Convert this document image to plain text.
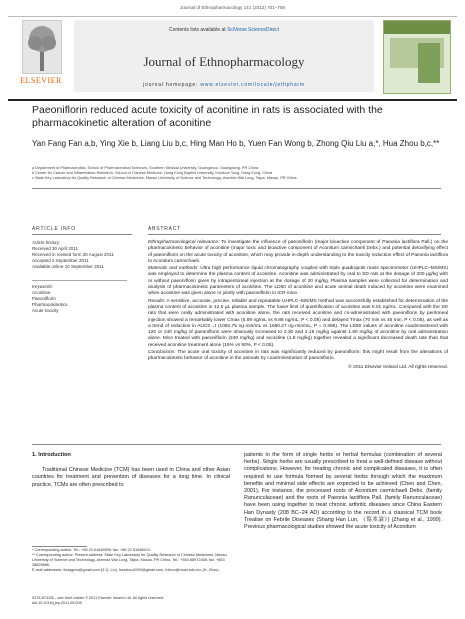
Journal of Ethnopharmacology 141 (2012) 701–708
ELSEVIER
Contents lists available at SciVerse ScienceDirect
Journal of Ethnopharmacology
journal homepage: www.elsevier.com/locate/jethpharm
Paeoniflorin reduced acute toxicity of aconitine in rats is associated with the pharmacokinetic alteration of aconitine
Yan Fang Fan a,b, Ying Xie b, Liang Liu b,c, Hing Man Ho b, Yuen Fan Wong b, Zhong Qiu Liu a,*, Hua Zhou b,c,**
a Department of Pharmaceutics, School of Pharmaceutical Sciences, Southern Medical University, Guangzhou, Guangdong, PR China
b Center for Cancer and Inflammation Research, School of Chinese Medicine, Hong Kong Baptist University, Kowloon Tong, Hong Kong, China
c State Key Laboratory for Quality Research of Chinese Medicines, Macau University of Science and Technology, Avenida Wai Long, Taipa, Macau, PR China
ARTICLE INFO	ABSTRACT
Article history:
Received 30 April 2011
Received in revised form 30 August 2011
Accepted 2 September 2011
Available online 10 September 2011
Keywords:
Aconitine
Paeoniflorin
Pharmacokinetics
Acute toxicity

Ethnopharmacological relevance: To investigate the influence of paeoniflorin (major bioactive component of Paeonia lactiflora Pall.) on the pharmacokinetic behavior of aconitine (major toxic and bioactive component of Aconitum carmichaeli Debx.) and potential detoxifying effect of paeoniflorin on the acute toxicity of aconitine, which may provide in-depth understanding to the toxicity reduction effect of Paeonia lactiflora to Aconitum carmichaeli.

Materials and methods: Ultra high performance liquid chromatography coupled with triple quadrupole mass spectrometer (UHPLC–MS/MS) was employed to determine the plasma content of aconitine. Aconitine was administrated by oral to SD rats at the dosage of 200 μg/kg with or without paeoniflorin given by intraperitoneal injection at the dosage of 20 mg/kg. Plasma samples were collected for determination and analysis of pharmacokinetic parameters of aconitine. The LD50 of aconitine and acute animal death induced by aconitine were examined when aconitine was given alone or jointly with paeoniflorin in ICR mice.

Results: A sensitive, accurate, precise, reliable and repeatable UHPLC–MS/MS method was successfully established for determination of the plasma content of aconitine in 12.5 μL plasma sample. The lower limit of quantification of aconitine was 0.01 ng/mL. Compared with the SD rats that were orally administrated with aconitine alone, the rats received aconitine and co-administrated with paeoniflorin by peritoneal injection showed a remarkably lower Cmax (5.69 ng/mL vs 9.88 ng/mL, P < 0.05) and delayed Tmax (70 min vs 46 min, P < 0.05), as well as a trend of reduction in AUC0→t (1082.75 ng·min/mL vs 1650.27 ng·min/mL, P = 0.395). The LD50 values of aconitine coadministered with 120 or 240 mg/kg of paeoniflorin were obviously increased to 2.30 and 2.15 mg/kg against 1.80 mg/kg of aconitine by oral administration alone. Mice treated with paeoniflorin (240 mg/kg) and aconitine (1.8 mg/kg) together revealed a significant decreased death rate than that received aconitine treatment alone (15% vs 50%, P < 0.05).

Conclusions: The acute oral toxicity of aconitine in rats was significantly reduced by paeoniflorin; this might result from the alterations of pharmacokinetic behavior of aconitine in the animals by coadministration of paeoniflorin.

© 2011 Elsevier Ireland Ltd. All rights reserved.
1. Introduction

Traditional Chinese Medicine (TCM) has been used in China and other Asian countries for treatment and prevention of diseases for a long time. In clinical practice, TCMs are often prescribed to

patients in the form of single herbs or herbal formulas (combination of several herbs). Single herbs are usually prescribed to treat a well-defined disease without complications. However, for treating chronic and complicated diseases, it is often required to use formula formed by several herbs through which the maximum benefits and minimal side effects are expected to be achieved (Chen and Chen, 2001). For instance, the processed roots of Aconitum carmichaeli Debx. (family Ranunculaceae) and the roots of Paeonia lactiflora Pall. (family Ranunculaceae) have been using together to treat chronic arthritic diseases since China Eastern Han Dynasty (208 BC–24 AD) according to the record in a classical TCM book Treatise on Febrile Diseases (Shang Han Lun, 《傷寒論》) (Zhang et al., 1999). Previous pharmacological studies showed the acute toxicity of Aconitum

* Corresponding author. Tel.: +86 20 61648596; fax: +86 20 61648524.
** Corresponding author. Present address: State Key Laboratory for Quality Research of Chinese Medicines, Macau University of Science and Technology, Avenida Wai Long, Taipa, Macau, PR China. Tel.: +853 88972458; fax: +853 28825886.
E-mail addresses: liuzqgmu@gmail.com (Z.Q. Liu), huazhou2009@gmail.com, hzhou@must.edu.mo (H. Zhou).
0378-8741/$ – see front matter © 2011 Elsevier Ireland Ltd. All rights reserved.
doi:10.1016/j.jep.2011.09.005
